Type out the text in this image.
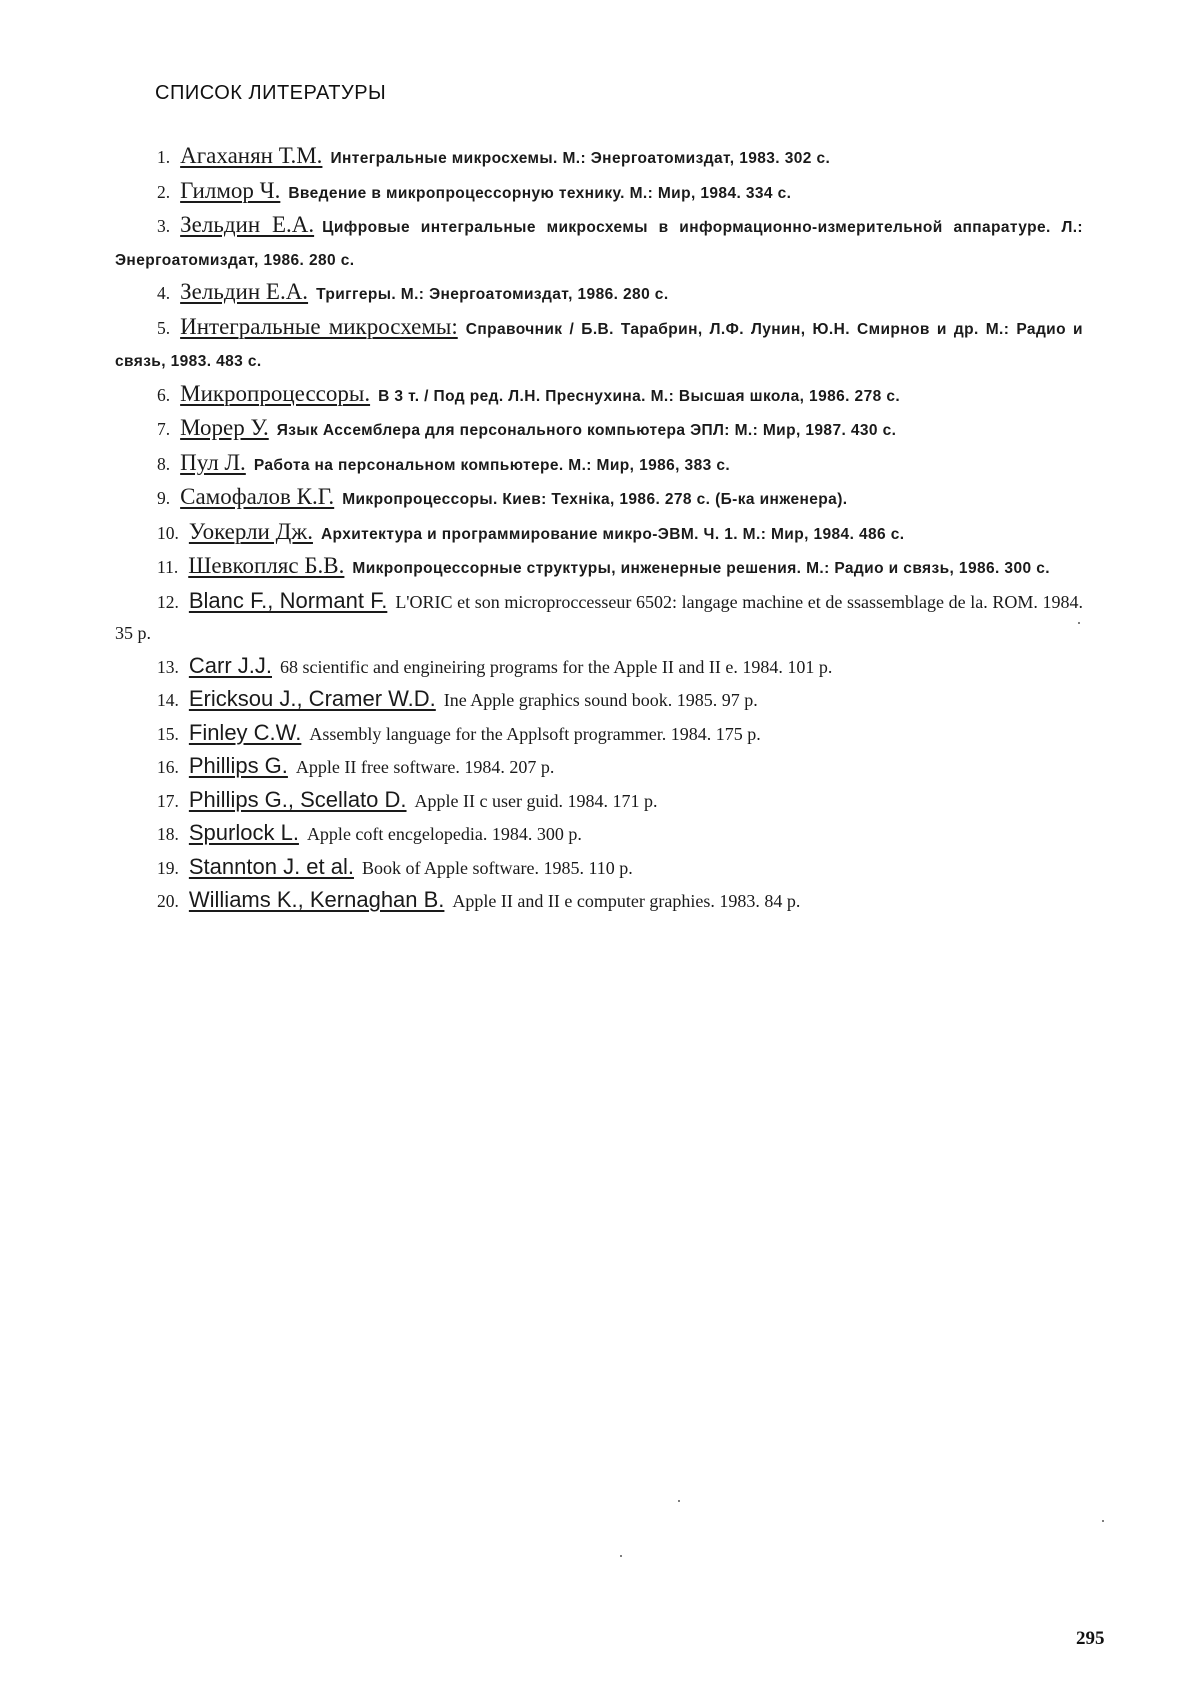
СПИСОК ЛИТЕРАТУРЫ
1. Агаханян Т.М. Интегральные микросхемы. М.: Энергоатомиздат, 1983. 302 с.
2. Гилмор Ч. Введение в микропроцессорную технику. М.: Мир, 1984. 334 с.
3. Зельдин Е.А. Цифровые интегральные микросхемы в информационно-измерительной аппаратуре. Л.: Энергоатомиздат, 1986. 280 с.
4. Зельдин Е.А. Триггеры. М.: Энергоатомиздат, 1986. 280 с.
5. Интегральные микросхемы: Справочник / Б.В. Тарабрин, Л.Ф. Лунин, Ю.Н. Смирнов и др. М.: Радио и связь, 1983. 483 с.
6. Микропроцессоры. В 3 т. / Под ред. Л.Н. Преснухина. М.: Высшая школа, 1986. 278 с.
7. Морер У. Язык Ассемблера для персонального компьютера ЭПЛ: М.: Мир, 1987. 430 с.
8. Пул Л. Работа на персональном компьютере. М.: Мир, 1986, 383 с.
9. Самофалов К.Г. Микропроцессоры. Киев: Техніка, 1986. 278 с. (Б-ка инженера).
10. Уокерли Дж. Архитектура и программирование микро-ЭВМ. Ч. 1. М.: Мир, 1984. 486 с.
11. Шевкопляс Б.В. Микропроцессорные структуры, инженерные решения. М.: Радио и связь, 1986. 300 с.
12. Blanc F., Normant F. L'ORIC et son microproccesseur 6502: langage machine et de ssassemblage de la. ROM. 1984. 35 p.
13. Carr J.J. 68 scientific and engineiring programs for the Apple II and II e. 1984. 101 p.
14. Ericksou J., Cramer W.D. Ine Apple graphics sound book. 1985. 97 p.
15. Finley C.W. Assembly language for the Applsoft programmer. 1984. 175 p.
16. Phillips G. Apple II free software. 1984. 207 p.
17. Phillips G., Scellato D. Apple II c user guid. 1984. 171 p.
18. Spurlock L. Apple coft encgelopedia. 1984. 300 p.
19. Stannton J. et al. Book of Apple software. 1985. 110 p.
20. Williams K., Kernaghan B. Apple II and II e computer graphies. 1983. 84 p.
295
